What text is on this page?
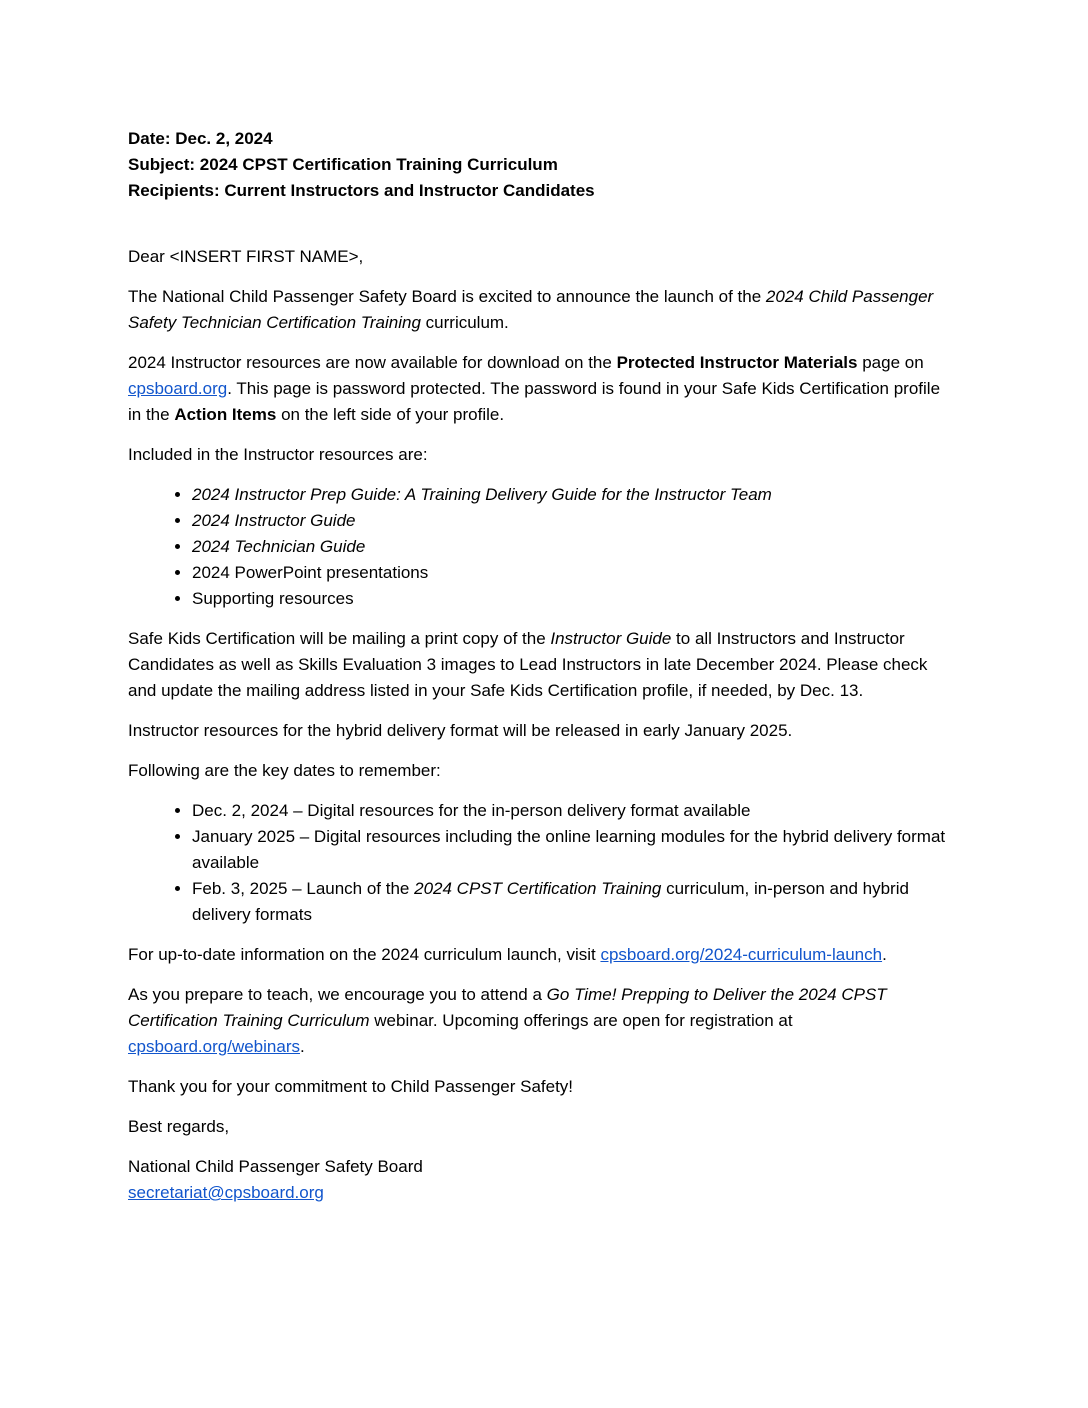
Date: Dec. 2, 2024
Subject: 2024 CPST Certification Training Curriculum
Recipients: Current Instructors and Instructor Candidates

Dear <INSERT FIRST NAME>,

The National Child Passenger Safety Board is excited to announce the launch of the 2024 Child Passenger Safety Technician Certification Training curriculum.

2024 Instructor resources are now available for download on the Protected Instructor Materials page on cpsboard.org. This page is password protected. The password is found in your Safe Kids Certification profile in the Action Items on the left side of your profile.

Included in the Instructor resources are:

• 2024 Instructor Prep Guide: A Training Delivery Guide for the Instructor Team
• 2024 Instructor Guide
• 2024 Technician Guide
• 2024 PowerPoint presentations
• Supporting resources

Safe Kids Certification will be mailing a print copy of the Instructor Guide to all Instructors and Instructor Candidates as well as Skills Evaluation 3 images to Lead Instructors in late December 2024. Please check and update the mailing address listed in your Safe Kids Certification profile, if needed, by Dec. 13.

Instructor resources for the hybrid delivery format will be released in early January 2025.

Following are the key dates to remember:

• Dec. 2, 2024 – Digital resources for the in-person delivery format available
• January 2025 – Digital resources including the online learning modules for the hybrid delivery format available
• Feb. 3, 2025 – Launch of the 2024 CPST Certification Training curriculum, in-person and hybrid delivery formats

For up-to-date information on the 2024 curriculum launch, visit cpsboard.org/2024-curriculum-launch.

As you prepare to teach, we encourage you to attend a Go Time! Prepping to Deliver the 2024 CPST Certification Training Curriculum webinar. Upcoming offerings are open for registration at cpsboard.org/webinars.

Thank you for your commitment to Child Passenger Safety!

Best regards,

National Child Passenger Safety Board
secretariat@cpsboard.org
